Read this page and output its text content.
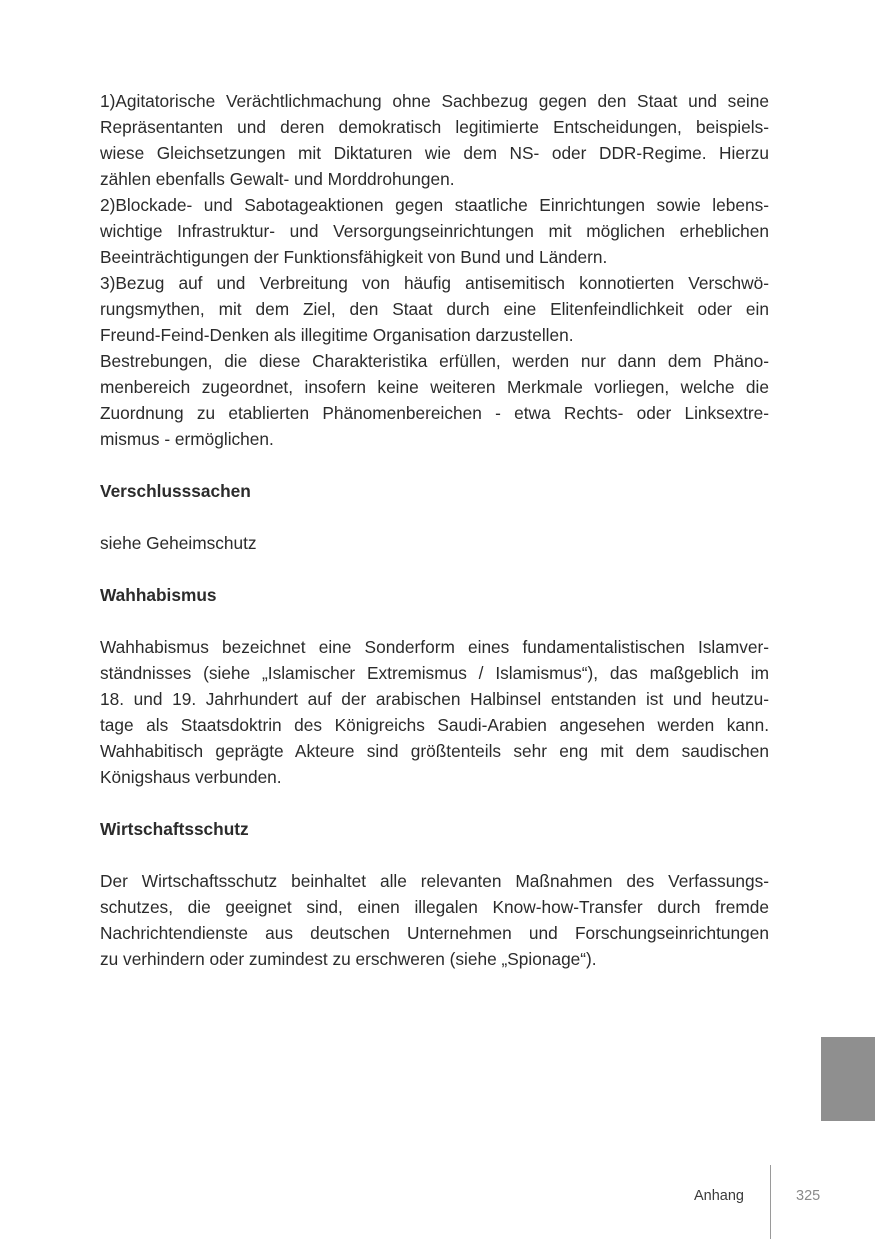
1)Agitatorische Verächtlichmachung ohne Sachbezug gegen den Staat und seine
Repräsentanten und deren demokratisch legitimierte Entscheidungen, beispiels-
wiese Gleichsetzungen mit Diktaturen wie dem NS- oder DDR-Regime. Hierzu
zählen ebenfalls Gewalt- und Morddrohungen.
2)Blockade- und Sabotageaktionen gegen staatliche Einrichtungen sowie lebens-
wichtige Infrastruktur- und Versorgungseinrichtungen mit möglichen erheblichen
Beeinträchtigungen der Funktionsfähigkeit von Bund und Ländern.
3)Bezug auf und Verbreitung von häufig antisemitisch konnotierten Verschwö-
rungsmythen, mit dem Ziel, den Staat durch eine Elitenfeindlichkeit oder ein
Freund-Feind-Denken als illegitime Organisation darzustellen.
Bestrebungen, die diese Charakteristika erfüllen, werden nur dann dem Phäno-
menbereich zugeordnet, insofern keine weiteren Merkmale vorliegen, welche die
Zuordnung zu etablierten Phänomenbereichen - etwa Rechts- oder Linksextre-
mismus - ermöglichen.
Verschlusssachen
siehe Geheimschutz
Wahhabismus
Wahhabismus bezeichnet eine Sonderform eines fundamentalistischen Islamver-
ständnisses (siehe „Islamischer Extremismus / Islamismus“), das maßgeblich im
18. und 19. Jahrhundert auf der arabischen Halbinsel entstanden ist und heutzu-
tage als Staatsdoktrin des Königreichs Saudi-Arabien angesehen werden kann.
Wahhabitisch geprägte Akteure sind größtenteils sehr eng mit dem saudischen
Königshaus verbunden.
Wirtschaftsschutz
Der Wirtschaftsschutz beinhaltet alle relevanten Maßnahmen des Verfassungs-
schutzes, die geeignet sind, einen illegalen Know-how-Transfer durch fremde
Nachrichtendienste aus deutschen Unternehmen und Forschungseinrichtungen
zu verhindern oder zumindest zu erschweren (siehe „Spionage“).
Anhang	325
